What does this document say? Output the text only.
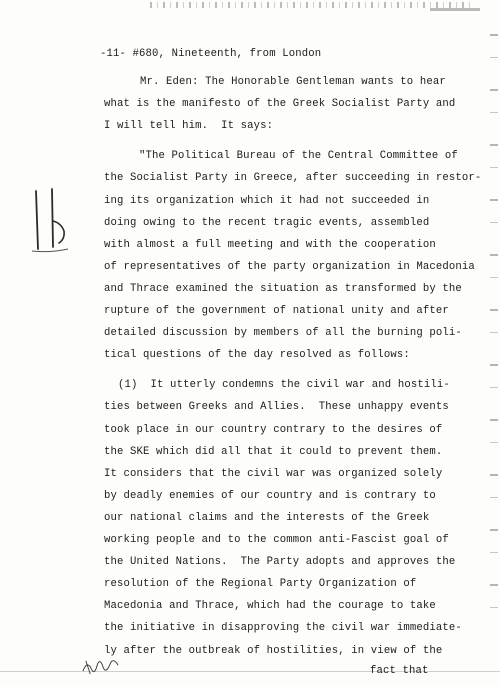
-11- #680, Nineteenth, from London
Mr. Eden: The Honorable Gentleman wants to hear
what is the manifesto of the Greek Socialist Party and
I will tell him.  It says:
"The Political Bureau of the Central Committee of
the Socialist Party in Greece, after succeeding in restor-
ing its organization which it had not succeeded in
doing owing to the recent tragic events, assembled
with almost a full meeting and with the cooperation
of representatives of the party organization in Macedonia
and Thrace examined the situation as transformed by the
rupture of the government of national unity and after
detailed discussion by members of all the burning poli-
tical questions of the day resolved as follows:
(1)  It utterly condemns the civil war and hostili-
ties between Greeks and Allies.  These unhappy events
took place in our country contrary to the desires of
the SKE which did all that it could to prevent them.
It considers that the civil war was organized solely
by deadly enemies of our country and is contrary to
our national claims and the interests of the Greek
working people and to the common anti-Fascist goal of
the United Nations.  The Party adopts and approves the
resolution of the Regional Party Organization of
Macedonia and Thrace, which had the courage to take
the initiative in disapproving the civil war immediate-
ly after the outbreak of hostilities, in view of the
fact that
